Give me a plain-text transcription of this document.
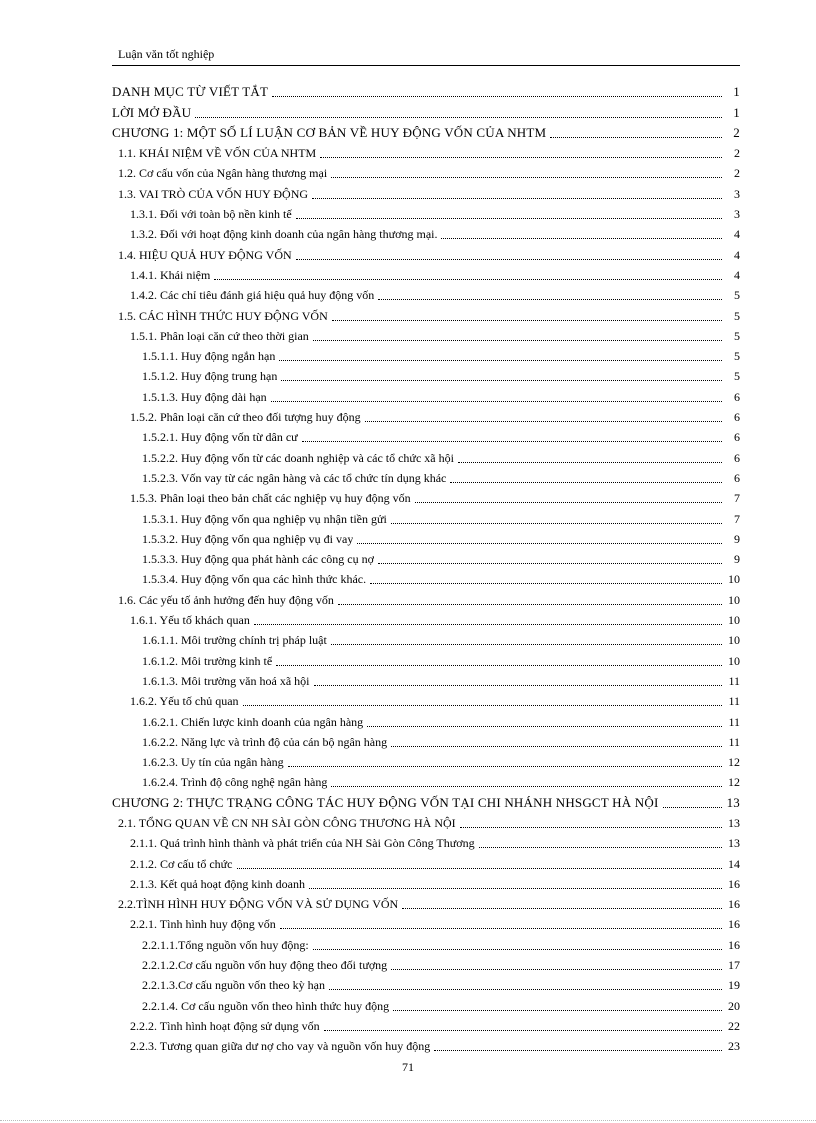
Luận văn tốt nghiệp
DANH MỤC TỪ VIẾT TẮT	1
LỜI MỞ ĐẦU	1
CHƯƠNG 1: MỘT SỐ LÍ LUẬN CƠ BẢN VỀ HUY ĐỘNG VỐN CỦA NHTM	2
1.1. KHÁI NIỆM VỀ VỐN CỦA NHTM	2
1.2. Cơ cấu vốn của Ngân hàng thương mại	2
1.3. VAI TRÒ CỦA VỐN HUY ĐỘNG	3
1.3.1. Đối với toàn bộ nền kinh tế	3
1.3.2. Đối với hoạt động kinh doanh của ngân hàng thương mại.	4
1.4. HIỆU QUẢ HUY ĐỘNG VỐN	4
1.4.1. Khái niệm	4
1.4.2. Các chỉ tiêu đánh giá hiệu quả huy động vốn	5
1.5. CÁC HÌNH THỨC HUY ĐỘNG VỐN	5
1.5.1. Phân loại căn cứ theo thời gian	5
1.5.1.1. Huy động ngắn hạn	5
1.5.1.2. Huy động trung hạn	5
1.5.1.3. Huy động dài hạn	6
1.5.2. Phân loại căn cứ theo đối tượng huy động	6
1.5.2.1. Huy động vốn từ dân cư	6
1.5.2.2. Huy động vốn từ các doanh nghiệp và các tổ chức xã hội	6
1.5.2.3. Vốn vay từ các ngân hàng và các tổ chức tín dụng khác	6
1.5.3. Phân loại theo bản chất các nghiệp vụ huy động vốn	7
1.5.3.1. Huy động vốn qua nghiệp vụ nhận tiền gửi	7
1.5.3.2. Huy động vốn qua nghiệp vụ đi vay	9
1.5.3.3. Huy động qua phát hành các công cụ nợ	9
1.5.3.4. Huy động vốn qua các hình thức khác.	10
1.6. Các yếu tố ảnh hưởng đến huy động vốn	10
1.6.1. Yếu tố khách quan	10
1.6.1.1. Môi trường chính trị pháp luật	10
1.6.1.2. Môi trường kinh tế	10
1.6.1.3. Môi trường văn hoá xã hội	11
1.6.2. Yếu tố chủ quan	11
1.6.2.1. Chiến lược kinh doanh của ngân hàng	11
1.6.2.2. Năng lực và trình độ của cán bộ ngân hàng	11
1.6.2.3. Uy tín của ngân hàng	12
1.6.2.4. Trình độ công nghệ ngân hàng	12
CHƯƠNG 2: THỰC TRẠNG CÔNG TÁC HUY ĐỘNG VỐN TẠI CHI NHÁNH NHSGCT HÀ NỘI	13
2.1. TỔNG QUAN VỀ CN NH SÀI GÒN CÔNG THƯƠNG HÀ NỘI	13
2.1.1. Quá trình hình thành và phát triển của NH Sài Gòn Công Thương	13
2.1.2. Cơ cấu tổ chức	14
2.1.3. Kết quả hoạt động kinh doanh	16
2.2.TÌNH HÌNH HUY ĐỘNG VỐN VÀ SỬ DỤNG VỐN	16
2.2.1. Tình hình huy động vốn	16
2.2.1.1.Tổng nguồn vốn huy động:	16
2.2.1.2.Cơ cấu nguồn vốn huy động theo đối tượng	17
2.2.1.3.Cơ cấu nguồn vốn theo kỳ hạn	19
2.2.1.4. Cơ cấu nguồn vốn theo hình thức huy động	20
2.2.2. Tình hình hoạt động sử dụng vốn	22
2.2.3. Tương quan giữa dư nợ cho vay và nguồn vốn huy động	23
71
